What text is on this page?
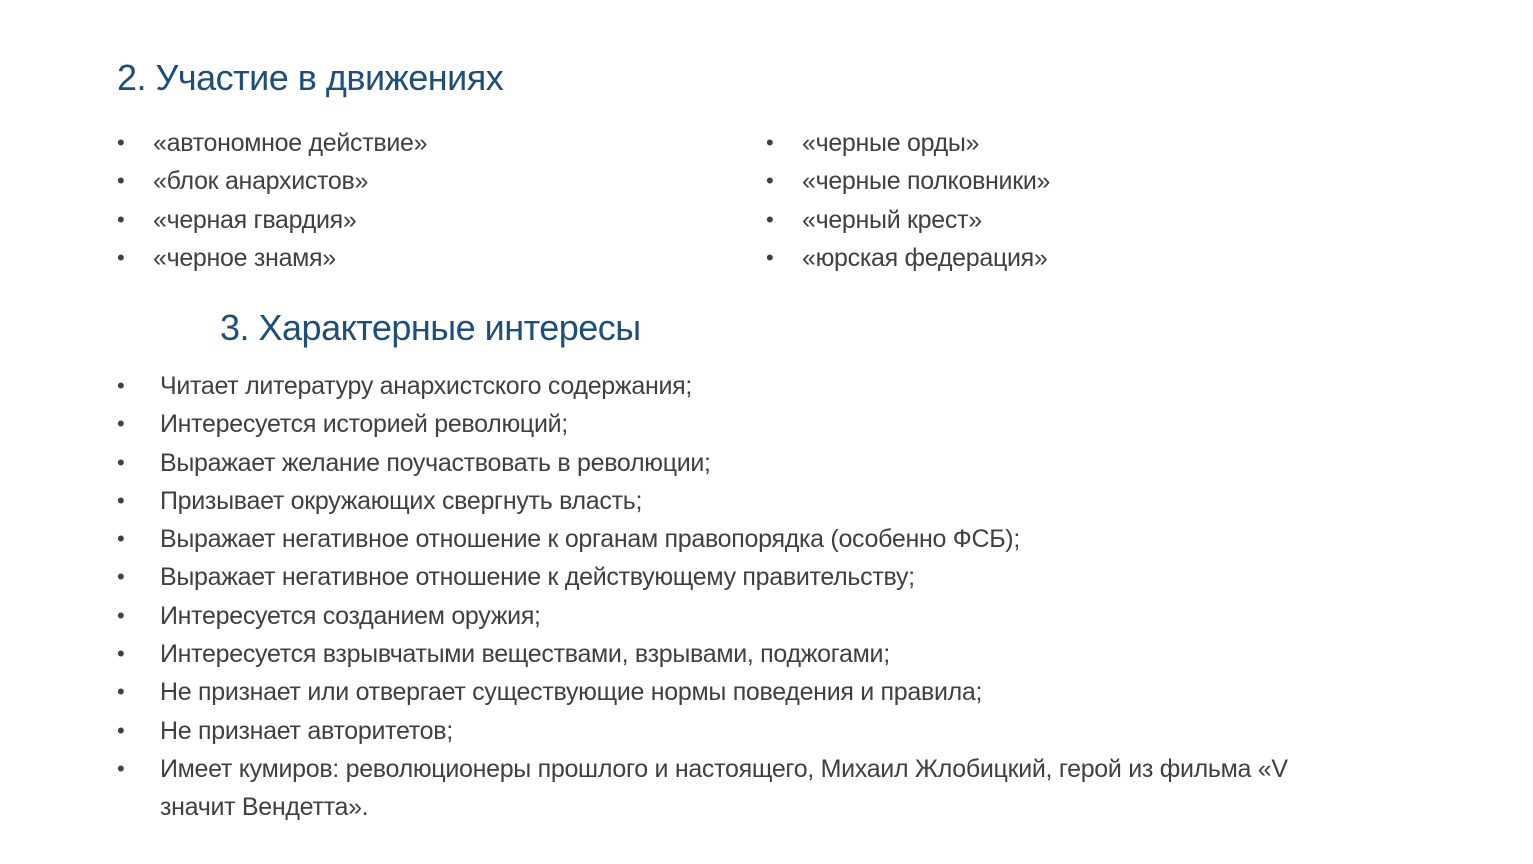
2. Участие в движениях
• «автономное действие»
• «блок анархистов»
• «черная гвардия»
• «черное знамя»
• «черные орды»
• «черные полковники»
• «черный крест»
• «юрская федерация»
3. Характерные интересы
• Читает литературу анархистского содержания;
• Интересуется историей революций;
• Выражает желание поучаствовать в революции;
• Призывает окружающих свергнуть власть;
• Выражает негативное отношение к органам правопорядка (особенно ФСБ);
• Выражает негативное отношение к действующему правительству;
• Интересуется созданием оружия;
• Интересуется взрывчатыми веществами, взрывами, поджогами;
• Не признает или отвергает существующие нормы поведения и правила;
• Не признает авторитетов;
• Имеет кумиров: революционеры прошлого и настоящего, Михаил Жлобицкий, герой из фильма «V значит Вендетта».
